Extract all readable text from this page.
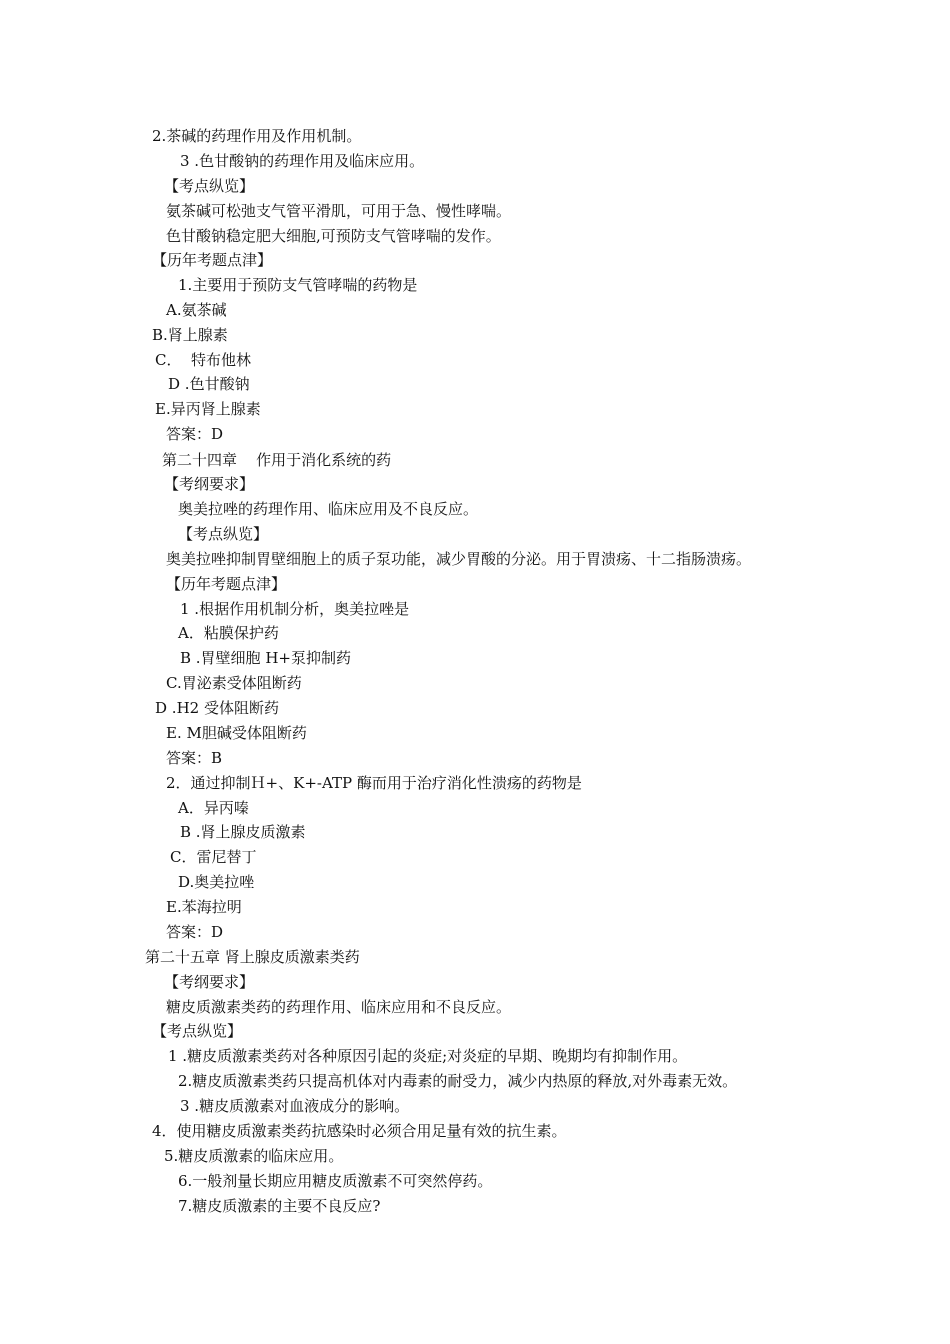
2.茶碱的药理作用及作用机制。
3 .色甘酸钠的药理作用及临床应用。
【考点纵览】
氨茶碱可松弛支气管平滑肌，可用于急、慢性哮喘。
色甘酸钠稳定肥大细胞,可预防支气管哮喘的发作。
【历年考题点津】
1.主要用于预防支气管哮喘的药物是
A.氨茶碱
B.肾上腺素
C．  特布他林
D .色甘酸钠
E.异丙肾上腺素
答案：D
第二十四章    作用于消化系统的药
【考纲要求】
奥美拉唑的药理作用、临床应用及不良反应。
【考点纵览】
奥美拉唑抑制胃壁细胞上的质子泵功能，减少胃酸的分泌。用于胃溃疡、十二指肠溃疡。
【历年考题点津】
1 .根据作用机制分析，奥美拉唑是
A．粘膜保护药
B .胃壁细胞 H+泵抑制药
C.胃泌素受体阻断药
D .H2 受体阻断药
E. M胆碱受体阻断药
答案：B
2．通过抑制Ｈ+、K+-ATP 酶而用于治疗消化性溃疡的药物是
A．异丙嗪
B .肾上腺皮质激素
C．雷尼替丁
D.奥美拉唑
E.苯海拉明
答案：D
第二十五章 肾上腺皮质激素类药
【考纲要求】
糖皮质激素类药的药理作用、临床应用和不良反应。
【考点纵览】
1 .糖皮质激素类药对各种原因引起的炎症;对炎症的早期、晚期均有抑制作用。
2.糖皮质激素类药只提高机体对内毒素的耐受力，减少内热原的释放,对外毒素无效。
3 .糖皮质激素对血液成分的影响。
4．使用糖皮质激素类药抗感染时必须合用足量有效的抗生素。
5.糖皮质激素的临床应用。
6.一般剂量长期应用糖皮质激素不可突然停药。
7.糖皮质激素的主要不良反应?
